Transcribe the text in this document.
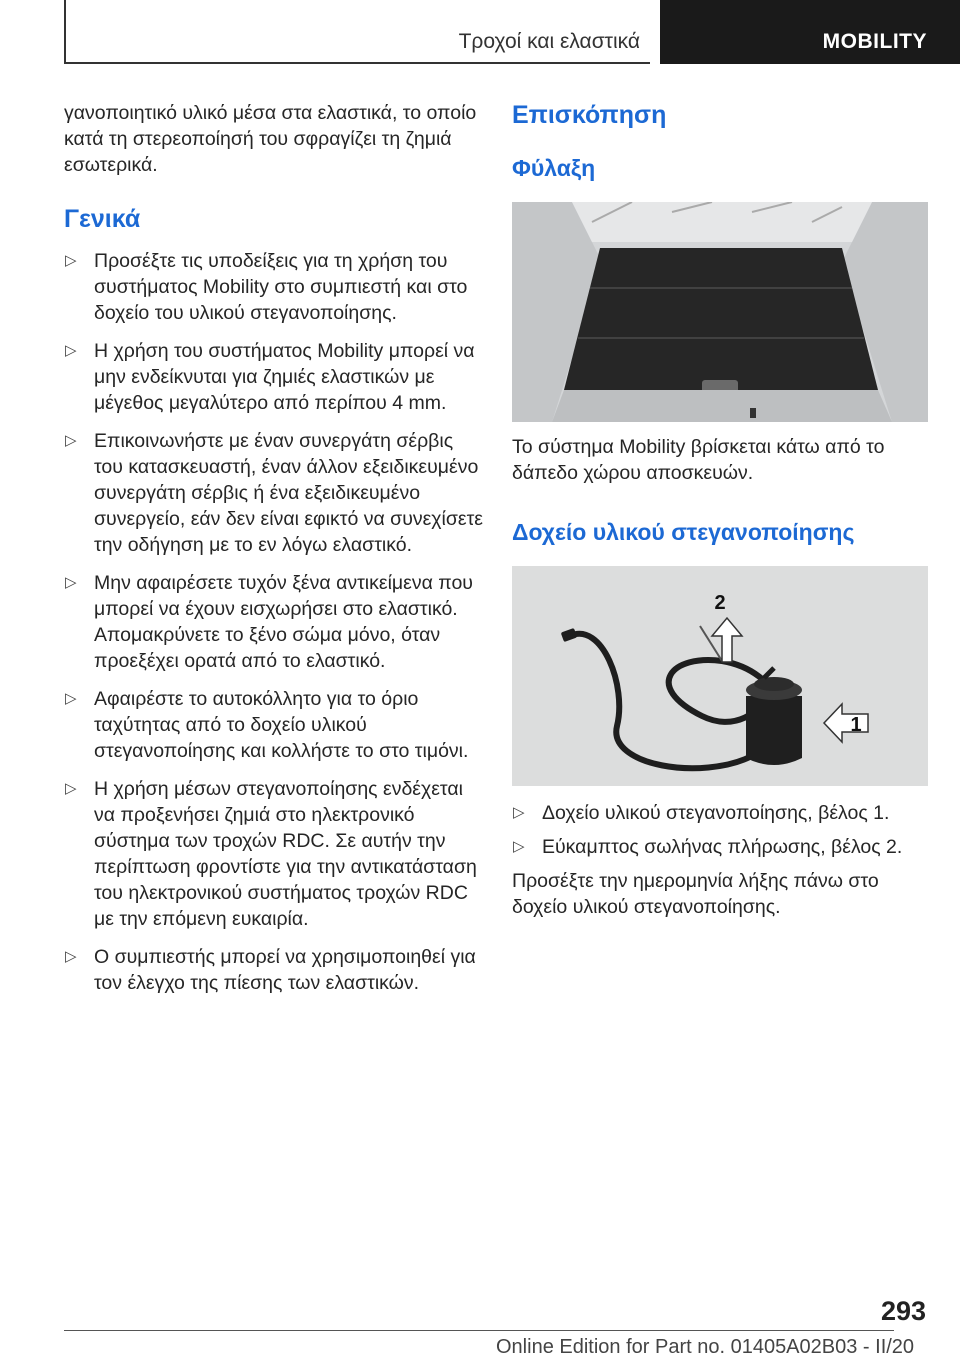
Τροχοί και ελαστικά	MOBILITY

γανοποιητικό υλικό μέσα στα ελαστικά, το οποίο κατά τη στερεοποίησή του σφραγίζει τη ζημιά εσωτερικά.

Γενικά
▷ Προσέξτε τις υποδείξεις για τη χρήση του συστήματος Mobility στο συμπιεστή και στο δοχείο του υλικού στεγανοποίησης.
▷ Η χρήση του συστήματος Mobility μπορεί να μην ενδείκνυται για ζημιές ελαστικών με μέγεθος μεγαλύτερο από περίπου 4 mm.
▷ Επικοινωνήστε με έναν συνεργάτη σέρβις του κατασκευαστή, έναν άλλον εξειδικευμένο συνεργάτη σέρβις ή ένα εξειδικευμένο συνεργείο, εάν δεν είναι εφικτό να συνεχίσετε την οδήγηση με το εν λόγω ελαστικό.
▷ Μην αφαιρέσετε τυχόν ξένα αντικείμενα που μπορεί να έχουν εισχωρήσει στο ελαστικό. Απομακρύνετε το ξένο σώμα μόνο, όταν προεξέχει ορατά από το ελαστικό.
▷ Αφαιρέστε το αυτοκόλλητο για το όριο ταχύτητας από το δοχείο υλικού στεγανοποίησης και κολλήστε το στο τιμόνι.
▷ Η χρήση μέσων στεγανοποίησης ενδέχεται να προξενήσει ζημιά στο ηλεκτρονικό σύστημα των τροχών RDC. Σε αυτήν την περίπτωση φροντίστε για την αντικατάσταση του ηλεκτρονικού συστήματος τροχών RDC με την επόμενη ευκαιρία.
▷ Ο συμπιεστής μπορεί να χρησιμοποιηθεί για τον έλεγχο της πίεσης των ελαστικών.
Επισκόπηση
Φύλαξη

Το σύστημα Mobility βρίσκεται κάτω από το δάπεδο χώρου αποσκευών.

Δοχείο υλικού στεγανοποίησης
2
1
▷ Δοχείο υλικού στεγανοποίησης, βέλος 1.
▷ Εύκαμπτος σωλήνας πλήρωσης, βέλος 2.

Προσέξτε την ημερομηνία λήξης πάνω στο δοχείο υλικού στεγανοποίησης.

293
Online Edition for Part no. 01405A02B03 - II/20
